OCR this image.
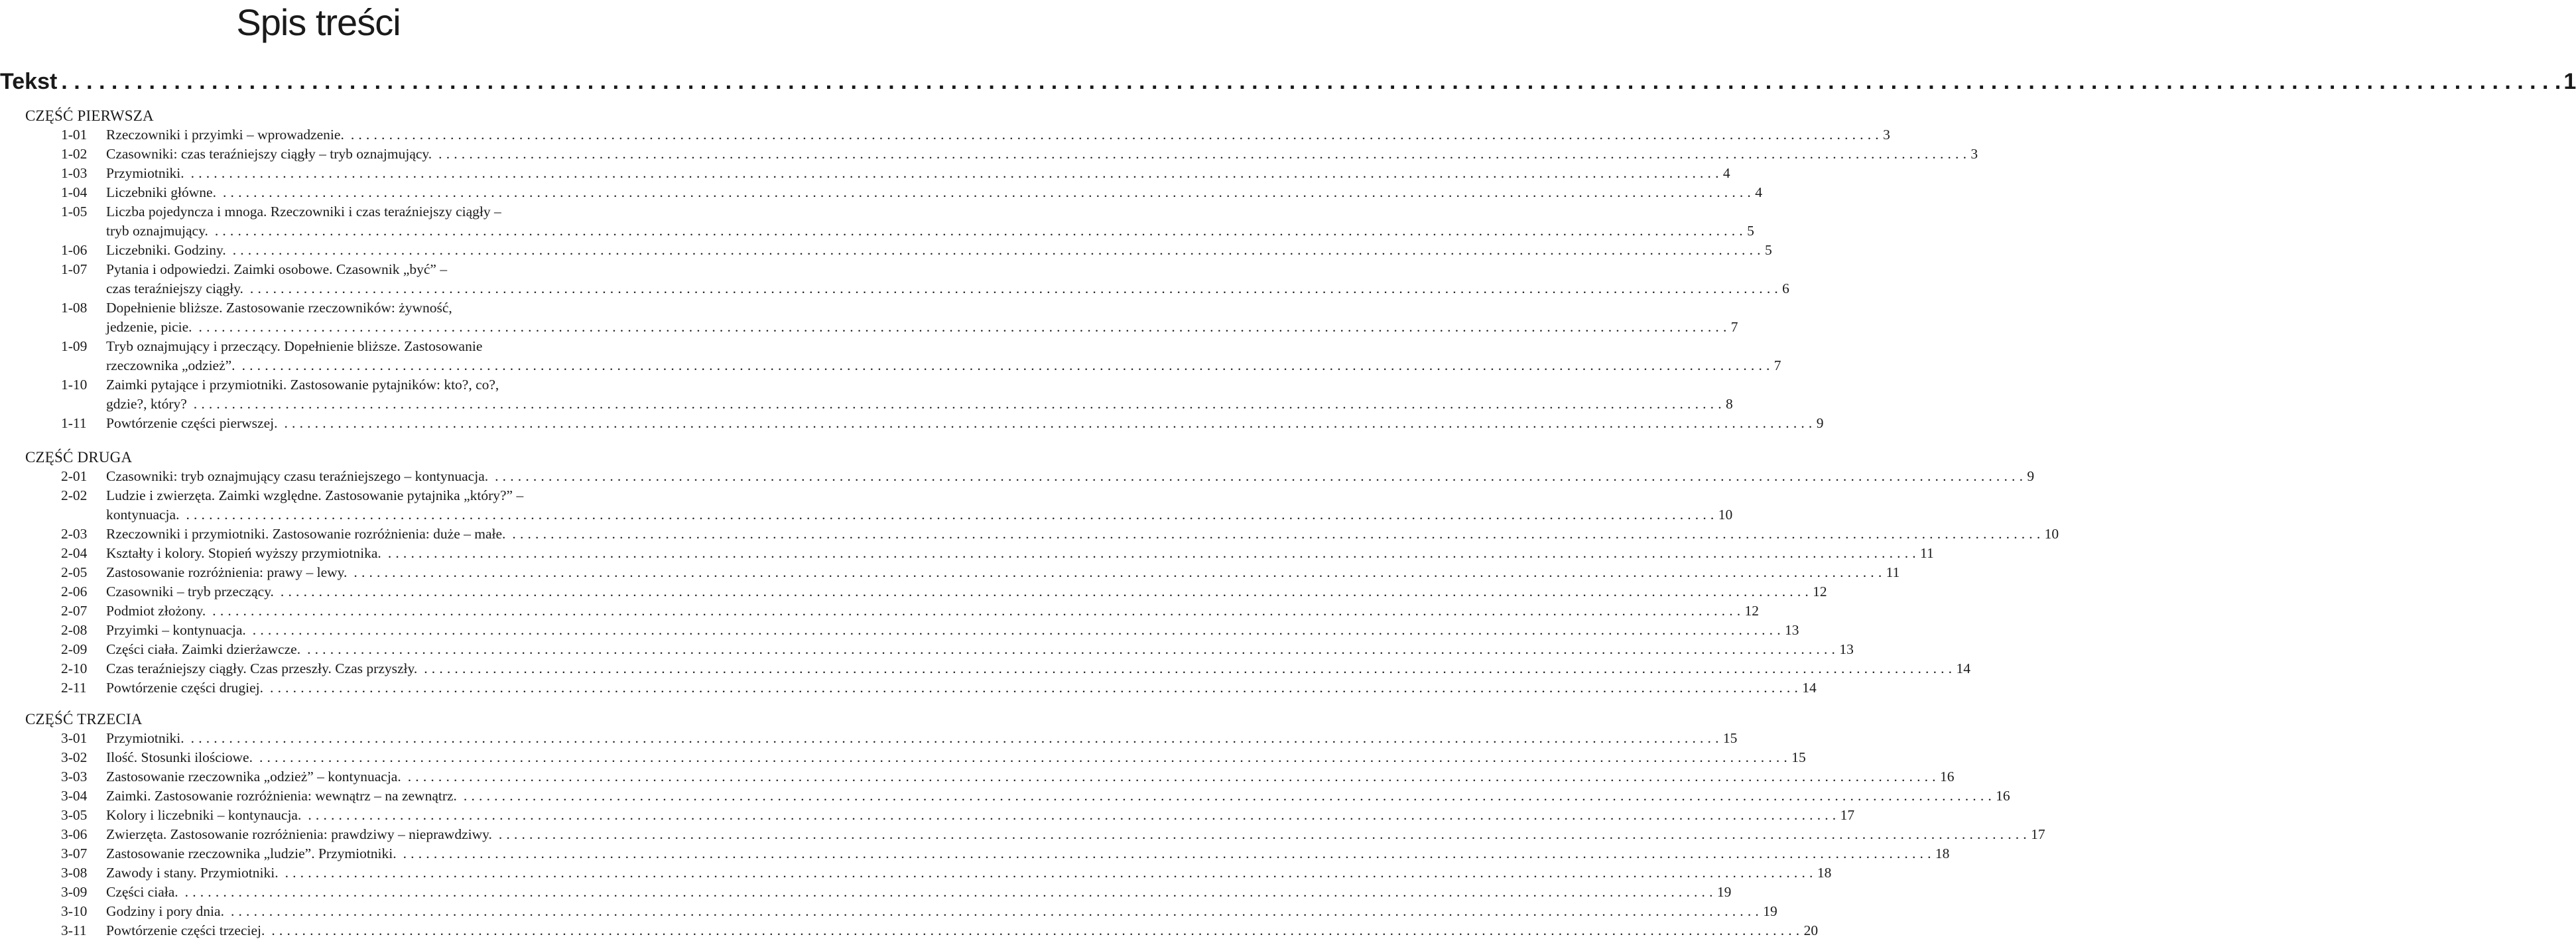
Spis treści
Tekst . . . . . . . . . . . . . . . . . . . . . . . . . . . . . . . . . . . . . . . . . . . . . . . . . . . . . . . . . . . . . . . . . . . . . . . . . . . . . . . . . . . . . . . . . . . . . . . . . . . . . . . . . . . . . . . . . . . . . . . . . . . . . . . . . . . . . . . . . . . . . . . . . . . . . . . . . . . . . . . . . . . . . . . . . . . . . . . . . . . . . . . . . . . . . . . . . . . . . . . . 1
CZĘŚĆ PIERWSZA
1-01 Rzeczowniki i przyimki – wprowadzenie. . . . . . . . . . . . . . . . . . . . . . . . . . . . . . . . . . . . . . . . . . . . . . . . . . . . . . . . . . . . . . . . . . . . . . . . . . . . . . . . . . . . . . . . . . . . . . . . . . . . . . . . . . . . . . . . . . . . . . . . . . . . . . . . . . . . . . . . . . . . . . . . . . . . . . . . . . . . . . . . . . . . . . . . . . . . . . . . . . . . . . . . . . . . . . . . . . . . . . . . . 3
1-02 Czasowniki: czas teraźniejszy ciągły – tryb oznajmujący. . . . . . . . . . . . . . . . . . . . . . . . . . . . . . . . . . . . . . . . . . . . . . . . . . . . . . . . . . . . . . . . . . . . . . . . . . . . . . . . . . . . . . . . . . . . . . . . . . . . . . . . . . . . . . . . . . . . . . . . . . . . . . . . . . . . . . . . . . . . . . . . . . . . . . . . . . . . . . . . . . . . . . . . . . . . . . . . . . . . . . . . . . . . . . . . . . . . . . . . . 3
1-03 Przymiotniki. . . . . . . . . . . . . . . . . . . . . . . . . . . . . . . . . . . . . . . . . . . . . . . . . . . . . . . . . . . . . . . . . . . . . . . . . . . . . . . . . . . . . . . . . . . . . . . . . . . . . . . . . . . . . . . . . . . . . . . . . . . . . . . . . . . . . . . . . . . . . . . . . . . . . . . . . . . . . . . . . . . . . . . . . . . . . . . . . . . . . . . . . . . . . . . . . . . . . . . . . 4
1-04 Liczebniki główne. . . . . . . . . . . . . . . . . . . . . . . . . . . . . . . . . . . . . . . . . . . . . . . . . . . . . . . . . . . . . . . . . . . . . . . . . . . . . . . . . . . . . . . . . . . . . . . . . . . . . . . . . . . . . . . . . . . . . . . . . . . . . . . . . . . . . . . . . . . . . . . . . . . . . . . . . . . . . . . . . . . . . . . . . . . . . . . . . . . . . . . . . . . . . . . . . . . . . . . . . 4
1-05 Liczba pojedyncza i mnoga. Rzeczowniki i czas teraźniejszy ciągły –
tryb oznajmujący. . . . . . . . . . . . . . . . . . . . . . . . . . . . . . . . . . . . . . . . . . . . . . . . . . . . . . . . . . . . . . . . . . . . . . . . . . . . . . . . . . . . . . . . . . . . . . . . . . . . . . . . . . . . . . . . . . . . . . . . . . . . . . . . . . . . . . . . . . . . . . . . . . . . . . . . . . . . . . . . . . . . . . . . . . . . . . . . . . . . . . . . . . . . . . . . . . . . . . . . . 5
1-06 Liczebniki. Godziny. . . . . . . . . . . . . . . . . . . . . . . . . . . . . . . . . . . . . . . . . . . . . . . . . . . . . . . . . . . . . . . . . . . . . . . . . . . . . . . . . . . . . . . . . . . . . . . . . . . . . . . . . . . . . . . . . . . . . . . . . . . . . . . . . . . . . . . . . . . . . . . . . . . . . . . . . . . . . . . . . . . . . . . . . . . . . . . . . . . . . . . . . . . . . . . . . . . . . . . . . 5
1-07 Pytania i odpowiedzi. Zaimki osobowe. Czasownik „być” –
czas teraźniejszy ciągły. . . . . . . . . . . . . . . . . . . . . . . . . . . . . . . . . . . . . . . . . . . . . . . . . . . . . . . . . . . . . . . . . . . . . . . . . . . . . . . . . . . . . . . . . . . . . . . . . . . . . . . . . . . . . . . . . . . . . . . . . . . . . . . . . . . . . . . . . . . . . . . . . . . . . . . . . . . . . . . . . . . . . . . . . . . . . . . . . . . . . . . . . . . . . . . . . . . . . . . . . 6
1-08 Dopełnienie bliższe. Zastosowanie rzeczowników: żywność,
jedzenie, picie. . . . . . . . . . . . . . . . . . . . . . . . . . . . . . . . . . . . . . . . . . . . . . . . . . . . . . . . . . . . . . . . . . . . . . . . . . . . . . . . . . . . . . . . . . . . . . . . . . . . . . . . . . . . . . . . . . . . . . . . . . . . . . . . . . . . . . . . . . . . . . . . . . . . . . . . . . . . . . . . . . . . . . . . . . . . . . . . . . . . . . . . . . . . . . . . . . . . . . . . . 7
1-09 Tryb oznajmujący i przeczący. Dopełnienie bliższe. Zastosowanie
rzeczownika „odzież”. . . . . . . . . . . . . . . . . . . . . . . . . . . . . . . . . . . . . . . . . . . . . . . . . . . . . . . . . . . . . . . . . . . . . . . . . . . . . . . . . . . . . . . . . . . . . . . . . . . . . . . . . . . . . . . . . . . . . . . . . . . . . . . . . . . . . . . . . . . . . . . . . . . . . . . . . . . . . . . . . . . . . . . . . . . . . . . . . . . . . . . . . . . . . . . . . . . . . . . . . 7
1-10 Zaimki pytające i przymiotniki. Zastosowanie pytajników: kto?, co?,
gdzie?, który? . . . . . . . . . . . . . . . . . . . . . . . . . . . . . . . . . . . . . . . . . . . . . . . . . . . . . . . . . . . . . . . . . . . . . . . . . . . . . . . . . . . . . . . . . . . . . . . . . . . . . . . . . . . . . . . . . . . . . . . . . . . . . . . . . . . . . . . . . . . . . . . . . . . . . . . . . . . . . . . . . . . . . . . . . . . . . . . . . . . . . . . . . . . . . . . . . . . . . . . . 8
1-11 Powtórzenie części pierwszej. . . . . . . . . . . . . . . . . . . . . . . . . . . . . . . . . . . . . . . . . . . . . . . . . . . . . . . . . . . . . . . . . . . . . . . . . . . . . . . . . . . . . . . . . . . . . . . . . . . . . . . . . . . . . . . . . . . . . . . . . . . . . . . . . . . . . . . . . . . . . . . . . . . . . . . . . . . . . . . . . . . . . . . . . . . . . . . . . . . . . . . . . . . . . . . . . . . . . . . . . 9
CZĘŚĆ DRUGA
2-01 Czasowniki: tryb oznajmujący czasu teraźniejszego – kontynuacja. . . . . . . . . . . . . . . . . . . . . . . . . . . . . . . . . . . . . . . . . . . . . . . . . . . . . . . . . . . . . . . . . . . . . . . . . . . . . . . . . . . . . . . . . . . . . . . . . . . . . . . . . . . . . . . . . . . . . . . . . . . . . . . . . . . . . . . . . . . . . . . . . . . . . . . . . . . . . . . . . . . . . . . . . . . . . . . . . . . . . . . . . . . . . . . . . . . . . . . . . 9
2-02 Ludzie i zwierzęta. Zaimki względne. Zastosowanie pytajnika „który?” –
kontynuacja. . . . . . . . . . . . . . . . . . . . . . . . . . . . . . . . . . . . . . . . . . . . . . . . . . . . . . . . . . . . . . . . . . . . . . . . . . . . . . . . . . . . . . . . . . . . . . . . . . . . . . . . . . . . . . . . . . . . . . . . . . . . . . . . . . . . . . . . . . . . . . . . . . . . . . . . . . . . . . . . . . . . . . . . . . . . . . . . . . . . . . . . . . . . . . . . . . . . . . . . . 10
2-03 Rzeczowniki i przymiotniki. Zastosowanie rozróżnienia: duże – małe. . . . . . . . . . . . . . . . . . . . . . . . . . . . . . . . . . . . . . . . . . . . . . . . . . . . . . . . . . . . . . . . . . . . . . . . . . . . . . . . . . . . . . . . . . . . . . . . . . . . . . . . . . . . . . . . . . . . . . . . . . . . . . . . . . . . . . . . . . . . . . . . . . . . . . . . . . . . . . . . . . . . . . . . . . . . . . . . . . . . . . . . . . . . . . . . . . . . . . . . . 10
2-04 Kształty i kolory. Stopień wyższy przymiotnika. . . . . . . . . . . . . . . . . . . . . . . . . . . . . . . . . . . . . . . . . . . . . . . . . . . . . . . . . . . . . . . . . . . . . . . . . . . . . . . . . . . . . . . . . . . . . . . . . . . . . . . . . . . . . . . . . . . . . . . . . . . . . . . . . . . . . . . . . . . . . . . . . . . . . . . . . . . . . . . . . . . . . . . . . . . . . . . . . . . . . . . . . . . . . . . . . . . . . . . . . 11
2-05 Zastosowanie rozróżnienia: prawy – lewy. . . . . . . . . . . . . . . . . . . . . . . . . . . . . . . . . . . . . . . . . . . . . . . . . . . . . . . . . . . . . . . . . . . . . . . . . . . . . . . . . . . . . . . . . . . . . . . . . . . . . . . . . . . . . . . . . . . . . . . . . . . . . . . . . . . . . . . . . . . . . . . . . . . . . . . . . . . . . . . . . . . . . . . . . . . . . . . . . . . . . . . . . . . . . . . . . . . . . . . . . 11
2-06 Czasowniki – tryb przeczący. . . . . . . . . . . . . . . . . . . . . . . . . . . . . . . . . . . . . . . . . . . . . . . . . . . . . . . . . . . . . . . . . . . . . . . . . . . . . . . . . . . . . . . . . . . . . . . . . . . . . . . . . . . . . . . . . . . . . . . . . . . . . . . . . . . . . . . . . . . . . . . . . . . . . . . . . . . . . . . . . . . . . . . . . . . . . . . . . . . . . . . . . . . . . . . . . . . . . . . . . 12
2-07 Podmiot złożony. . . . . . . . . . . . . . . . . . . . . . . . . . . . . . . . . . . . . . . . . . . . . . . . . . . . . . . . . . . . . . . . . . . . . . . . . . . . . . . . . . . . . . . . . . . . . . . . . . . . . . . . . . . . . . . . . . . . . . . . . . . . . . . . . . . . . . . . . . . . . . . . . . . . . . . . . . . . . . . . . . . . . . . . . . . . . . . . . . . . . . . . . . . . . . . . . . . . . . . . . 12
2-08 Przyimki – kontynuacja. . . . . . . . . . . . . . . . . . . . . . . . . . . . . . . . . . . . . . . . . . . . . . . . . . . . . . . . . . . . . . . . . . . . . . . . . . . . . . . . . . . . . . . . . . . . . . . . . . . . . . . . . . . . . . . . . . . . . . . . . . . . . . . . . . . . . . . . . . . . . . . . . . . . . . . . . . . . . . . . . . . . . . . . . . . . . . . . . . . . . . . . . . . . . . . . . . . . . . . . . 13
2-09 Części ciała. Zaimki dzierżawcze. . . . . . . . . . . . . . . . . . . . . . . . . . . . . . . . . . . . . . . . . . . . . . . . . . . . . . . . . . . . . . . . . . . . . . . . . . . . . . . . . . . . . . . . . . . . . . . . . . . . . . . . . . . . . . . . . . . . . . . . . . . . . . . . . . . . . . . . . . . . . . . . . . . . . . . . . . . . . . . . . . . . . . . . . . . . . . . . . . . . . . . . . . . . . . . . . . . . . . . . . 13
2-10 Czas teraźniejszy ciągły. Czas przeszły. Czas przyszły. . . . . . . . . . . . . . . . . . . . . . . . . . . . . . . . . . . . . . . . . . . . . . . . . . . . . . . . . . . . . . . . . . . . . . . . . . . . . . . . . . . . . . . . . . . . . . . . . . . . . . . . . . . . . . . . . . . . . . . . . . . . . . . . . . . . . . . . . . . . . . . . . . . . . . . . . . . . . . . . . . . . . . . . . . . . . . . . . . . . . . . . . . . . . . . . . . . . . . . . . 14
2-11 Powtórzenie części drugiej. . . . . . . . . . . . . . . . . . . . . . . . . . . . . . . . . . . . . . . . . . . . . . . . . . . . . . . . . . . . . . . . . . . . . . . . . . . . . . . . . . . . . . . . . . . . . . . . . . . . . . . . . . . . . . . . . . . . . . . . . . . . . . . . . . . . . . . . . . . . . . . . . . . . . . . . . . . . . . . . . . . . . . . . . . . . . . . . . . . . . . . . . . . . . . . . . . . . . . . . . 14
CZĘŚĆ TRZECIA
3-01 Przymiotniki. . . . . . . . . . . . . . . . . . . . . . . . . . . . . . . . . . . . . . . . . . . . . . . . . . . . . . . . . . . . . . . . . . . . . . . . . . . . . . . . . . . . . . . . . . . . . . . . . . . . . . . . . . . . . . . . . . . . . . . . . . . . . . . . . . . . . . . . . . . . . . . . . . . . . . . . . . . . . . . . . . . . . . . . . . . . . . . . . . . . . . . . . . . . . . . . . . . . . . . . . 15
3-02 Ilość. Stosunki ilościowe. . . . . . . . . . . . . . . . . . . . . . . . . . . . . . . . . . . . . . . . . . . . . . . . . . . . . . . . . . . . . . . . . . . . . . . . . . . . . . . . . . . . . . . . . . . . . . . . . . . . . . . . . . . . . . . . . . . . . . . . . . . . . . . . . . . . . . . . . . . . . . . . . . . . . . . . . . . . . . . . . . . . . . . . . . . . . . . . . . . . . . . . . . . . . . . . . . . . . . . . . 15
3-03 Zastosowanie rzeczownika „odzież” – kontynuacja. . . . . . . . . . . . . . . . . . . . . . . . . . . . . . . . . . . . . . . . . . . . . . . . . . . . . . . . . . . . . . . . . . . . . . . . . . . . . . . . . . . . . . . . . . . . . . . . . . . . . . . . . . . . . . . . . . . . . . . . . . . . . . . . . . . . . . . . . . . . . . . . . . . . . . . . . . . . . . . . . . . . . . . . . . . . . . . . . . . . . . . . . . . . . . . . . . . . . . . . . 16
3-04 Zaimki. Zastosowanie rozróżnienia: wewnątrz – na zewnątrz. . . . . . . . . . . . . . . . . . . . . . . . . . . . . . . . . . . . . . . . . . . . . . . . . . . . . . . . . . . . . . . . . . . . . . . . . . . . . . . . . . . . . . . . . . . . . . . . . . . . . . . . . . . . . . . . . . . . . . . . . . . . . . . . . . . . . . . . . . . . . . . . . . . . . . . . . . . . . . . . . . . . . . . . . . . . . . . . . . . . . . . . . . . . . . . . . . . . . . . . . 16
3-05 Kolory i liczebniki – kontynaucja. . . . . . . . . . . . . . . . . . . . . . . . . . . . . . . . . . . . . . . . . . . . . . . . . . . . . . . . . . . . . . . . . . . . . . . . . . . . . . . . . . . . . . . . . . . . . . . . . . . . . . . . . . . . . . . . . . . . . . . . . . . . . . . . . . . . . . . . . . . . . . . . . . . . . . . . . . . . . . . . . . . . . . . . . . . . . . . . . . . . . . . . . . . . . . . . . . . . . . . . . 17
3-06 Zwierzęta. Zastosowanie rozróżnienia: prawdziwy – nieprawdziwy. . . . . . . . . . . . . . . . . . . . . . . . . . . . . . . . . . . . . . . . . . . . . . . . . . . . . . . . . . . . . . . . . . . . . . . . . . . . . . . . . . . . . . . . . . . . . . . . . . . . . . . . . . . . . . . . . . . . . . . . . . . . . . . . . . . . . . . . . . . . . . . . . . . . . . . . . . . . . . . . . . . . . . . . . . . . . . . . . . . . . . . . . . . . . . . . . . . . . . . . . 17
3-07 Zastosowanie rzeczownika „ludzie”. Przymiotniki. . . . . . . . . . . . . . . . . . . . . . . . . . . . . . . . . . . . . . . . . . . . . . . . . . . . . . . . . . . . . . . . . . . . . . . . . . . . . . . . . . . . . . . . . . . . . . . . . . . . . . . . . . . . . . . . . . . . . . . . . . . . . . . . . . . . . . . . . . . . . . . . . . . . . . . . . . . . . . . . . . . . . . . . . . . . . . . . . . . . . . . . . . . . . . . . . . . . . . . . . 18
3-08 Zawody i stany. Przymiotniki. . . . . . . . . . . . . . . . . . . . . . . . . . . . . . . . . . . . . . . . . . . . . . . . . . . . . . . . . . . . . . . . . . . . . . . . . . . . . . . . . . . . . . . . . . . . . . . . . . . . . . . . . . . . . . . . . . . . . . . . . . . . . . . . . . . . . . . . . . . . . . . . . . . . . . . . . . . . . . . . . . . . . . . . . . . . . . . . . . . . . . . . . . . . . . . . . . . . . . . . . 18
3-09 Części ciała. . . . . . . . . . . . . . . . . . . . . . . . . . . . . . . . . . . . . . . . . . . . . . . . . . . . . . . . . . . . . . . . . . . . . . . . . . . . . . . . . . . . . . . . . . . . . . . . . . . . . . . . . . . . . . . . . . . . . . . . . . . . . . . . . . . . . . . . . . . . . . . . . . . . . . . . . . . . . . . . . . . . . . . . . . . . . . . . . . . . . . . . . . . . . . . . . . . . . . . . . 19
3-10 Godziny i pory dnia. . . . . . . . . . . . . . . . . . . . . . . . . . . . . . . . . . . . . . . . . . . . . . . . . . . . . . . . . . . . . . . . . . . . . . . . . . . . . . . . . . . . . . . . . . . . . . . . . . . . . . . . . . . . . . . . . . . . . . . . . . . . . . . . . . . . . . . . . . . . . . . . . . . . . . . . . . . . . . . . . . . . . . . . . . . . . . . . . . . . . . . . . . . . . . . . . . . . . . . . . 19
3-11 Powtórzenie części trzeciej. . . . . . . . . . . . . . . . . . . . . . . . . . . . . . . . . . . . . . . . . . . . . . . . . . . . . . . . . . . . . . . . . . . . . . . . . . . . . . . . . . . . . . . . . . . . . . . . . . . . . . . . . . . . . . . . . . . . . . . . . . . . . . . . . . . . . . . . . . . . . . . . . . . . . . . . . . . . . . . . . . . . . . . . . . . . . . . . . . . . . . . . . . . . . . . . . . . . . . . . . 20
